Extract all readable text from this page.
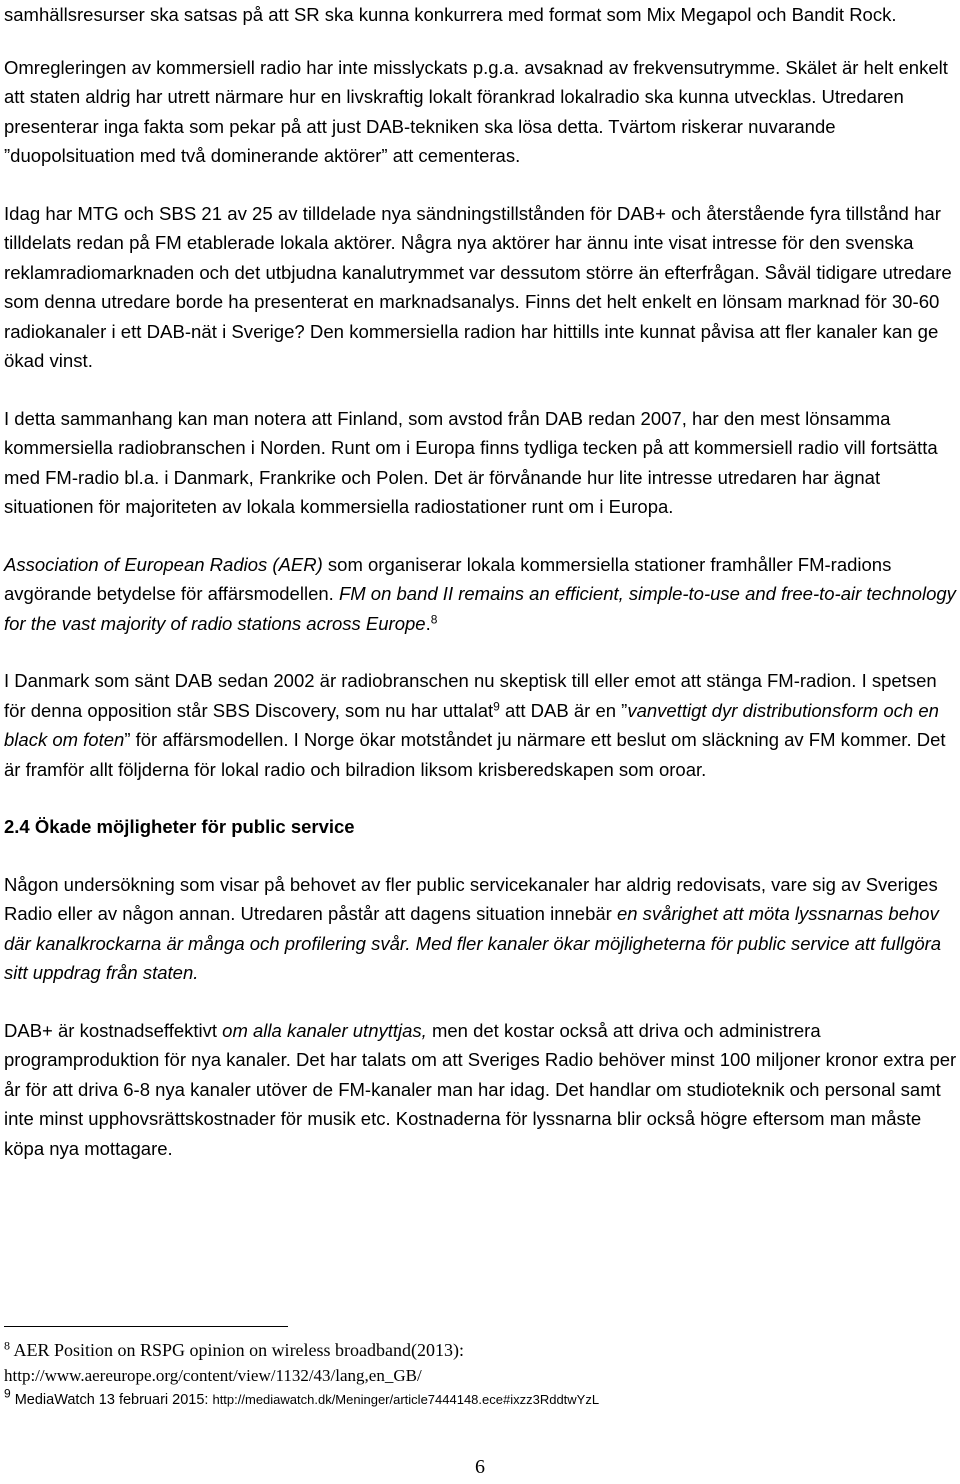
samhällsresurser ska satsas på att SR ska kunna konkurrera med format som Mix Megapol och Bandit Rock.

Omregleringen av kommersiell radio har inte misslyckats p.g.a. avsaknad av frekvensutrymme. Skälet är helt enkelt att staten aldrig har utrett närmare hur en livskraftig lokalt förankrad lokalradio ska kunna utvecklas. Utredaren presenterar inga fakta som pekar på att just DAB-tekniken ska lösa detta. Tvärtom riskerar nuvarande ”duopolsituation med två dominerande aktörer” att cementeras.

Idag har MTG och SBS 21 av 25 av tilldelade nya sändningstillstånden för DAB+ och återstående fyra tillstånd har tilldelats redan på FM etablerade lokala aktörer. Några nya aktörer har ännu inte visat intresse för den svenska reklamradiomarknaden och det utbjudna kanalutrymmet var dessutom större än efterfrågan. Såväl tidigare utredare som denna utredare borde ha presenterat en marknadsanalys. Finns det helt enkelt en lönsam marknad för 30-60 radiokanaler i ett DAB-nät i Sverige? Den kommersiella radion har hittills inte kunnat påvisa att fler kanaler kan ge ökad vinst.

I detta sammanhang kan man notera att Finland, som avstod från DAB redan 2007, har den mest lönsamma kommersiella radiobranschen i Norden. Runt om i Europa finns tydliga tecken på att kommersiell radio vill fortsätta med FM-radio bl.a. i Danmark, Frankrike och Polen. Det är förvånande hur lite intresse utredaren har ägnat situationen för majoriteten av lokala kommersiella radiostationer runt om i Europa.

Association of European Radios (AER) som organiserar lokala kommersiella stationer framhåller FM-radions avgörande betydelse för affärsmodellen. FM on band II remains an efficient, simple-to-use and free-to-air technology for the vast majority of radio stations across Europe.$^8$

I Danmark som sänt DAB sedan 2002 är radiobranschen nu skeptisk till eller emot att stänga FM-radion. I spetsen för denna opposition står SBS Discovery, som nu har uttalat$^9$ att DAB är en ”vanvettigt dyr distributionsform och en black om foten” för affärsmodellen. I Norge ökar motståndet ju närmare ett beslut om släckning av FM kommer. Det är framför allt följderna för lokal radio och bilradion liksom krisberedskapen som oroar.

2.4 Ökade möjligheter för public service

Någon undersökning som visar på behovet av fler public servicekanaler har aldrig redovisats, vare sig av Sveriges Radio eller av någon annan. Utredaren påstår att dagens situation innebär en svårighet att möta lyssnarnas behov där kanalkrockarna är många och profilering svår. Med fler kanaler ökar möjligheterna för public service att fullgöra sitt uppdrag från staten.

DAB+ är kostnadseffektivt om alla kanaler utnyttjas, men det kostar också att driva och administrera programproduktion för nya kanaler. Det har talats om att Sveriges Radio behöver minst 100 miljoner kronor extra per år för att driva 6-8 nya kanaler utöver de FM-kanaler man har idag. Det handlar om studioteknik och personal samt inte minst upphovsrättskostnader för musik etc. Kostnaderna för lyssnarna blir också högre eftersom man måste köpa nya mottagare.

$^8$ AER Position on RSPG opinion on wireless broadband(2013):
http://www.aereurope.org/content/view/1132/43/lang,en_GB/
$^9$ MediaWatch 13 februari 2015: http://mediawatch.dk/Meninger/article7444148.ece#ixzz3RddtwYzL
6
